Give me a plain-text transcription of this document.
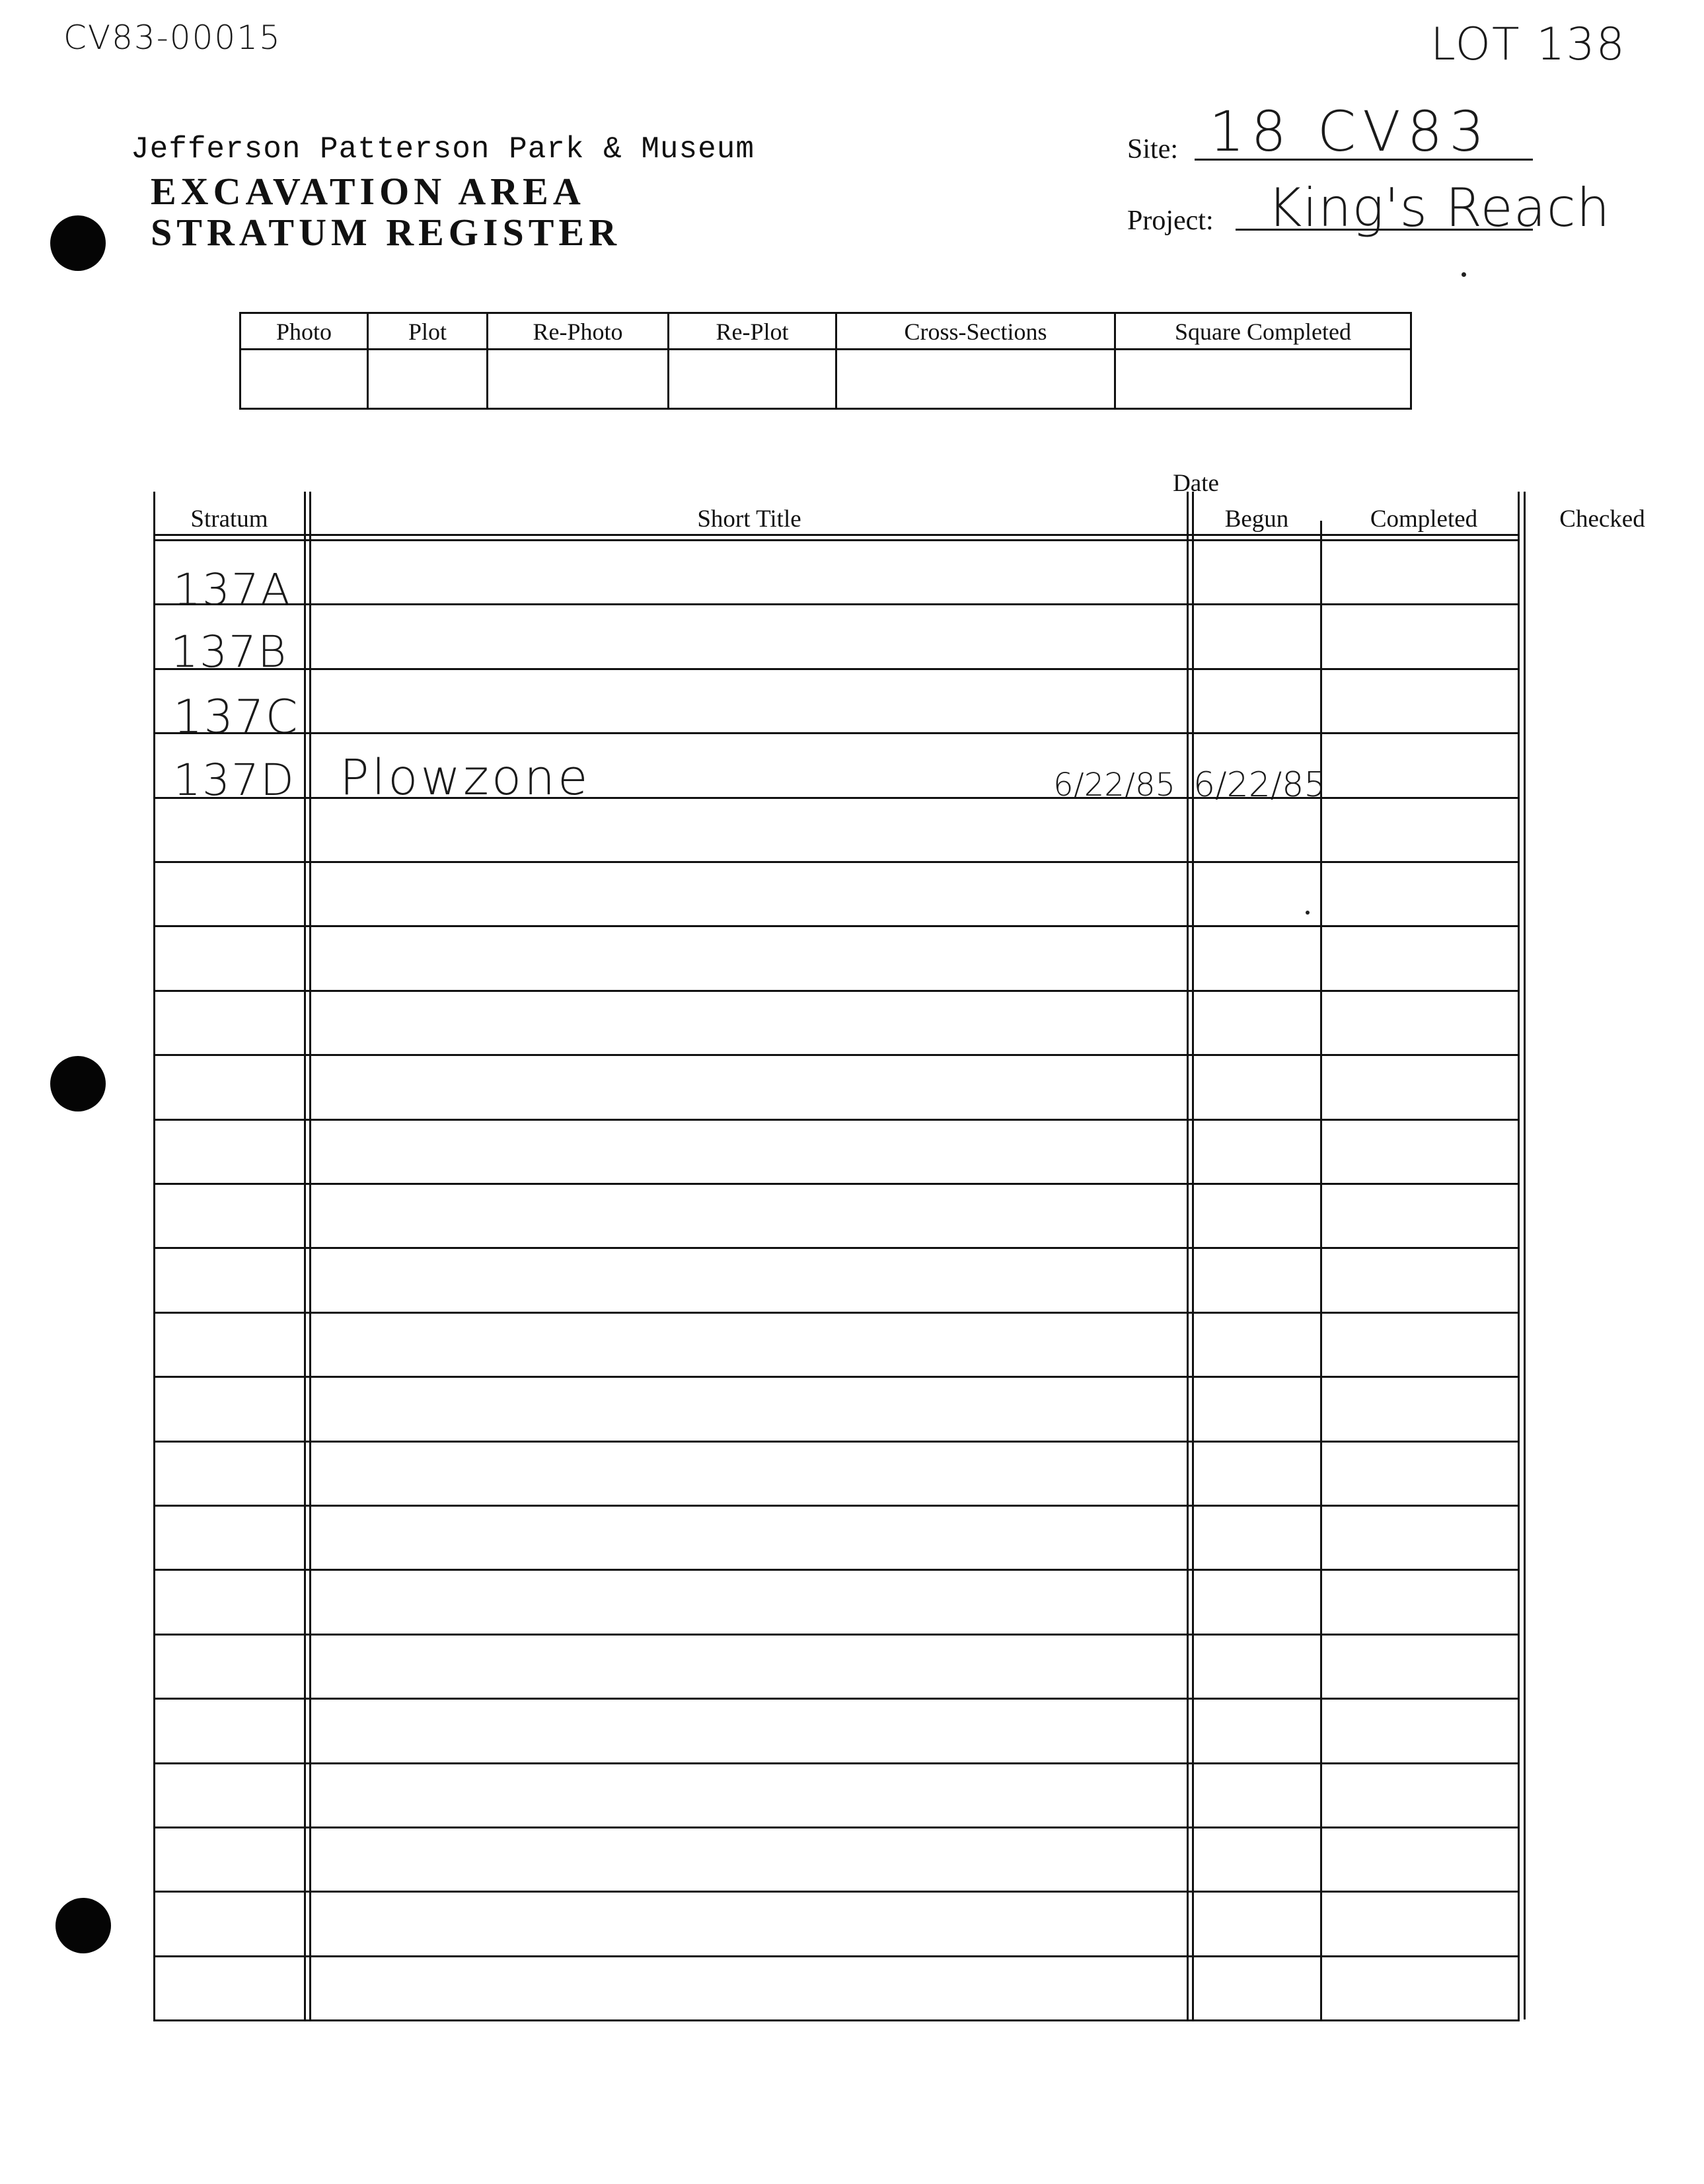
CV83-00015	LOT 138
Jefferson Patterson Park & Museum
EXCAVATION AREA
STRATUM REGISTER
Site: 18 CV83
Project: King's Reach
Photo	Plot	Re-Photo	Re-Plot	Cross-Sections	Square Completed
Date
Stratum	Short Title	Begun	Completed	Checked
137A
137B
137C
137D Plowzone	6/22/85 6/22/85
